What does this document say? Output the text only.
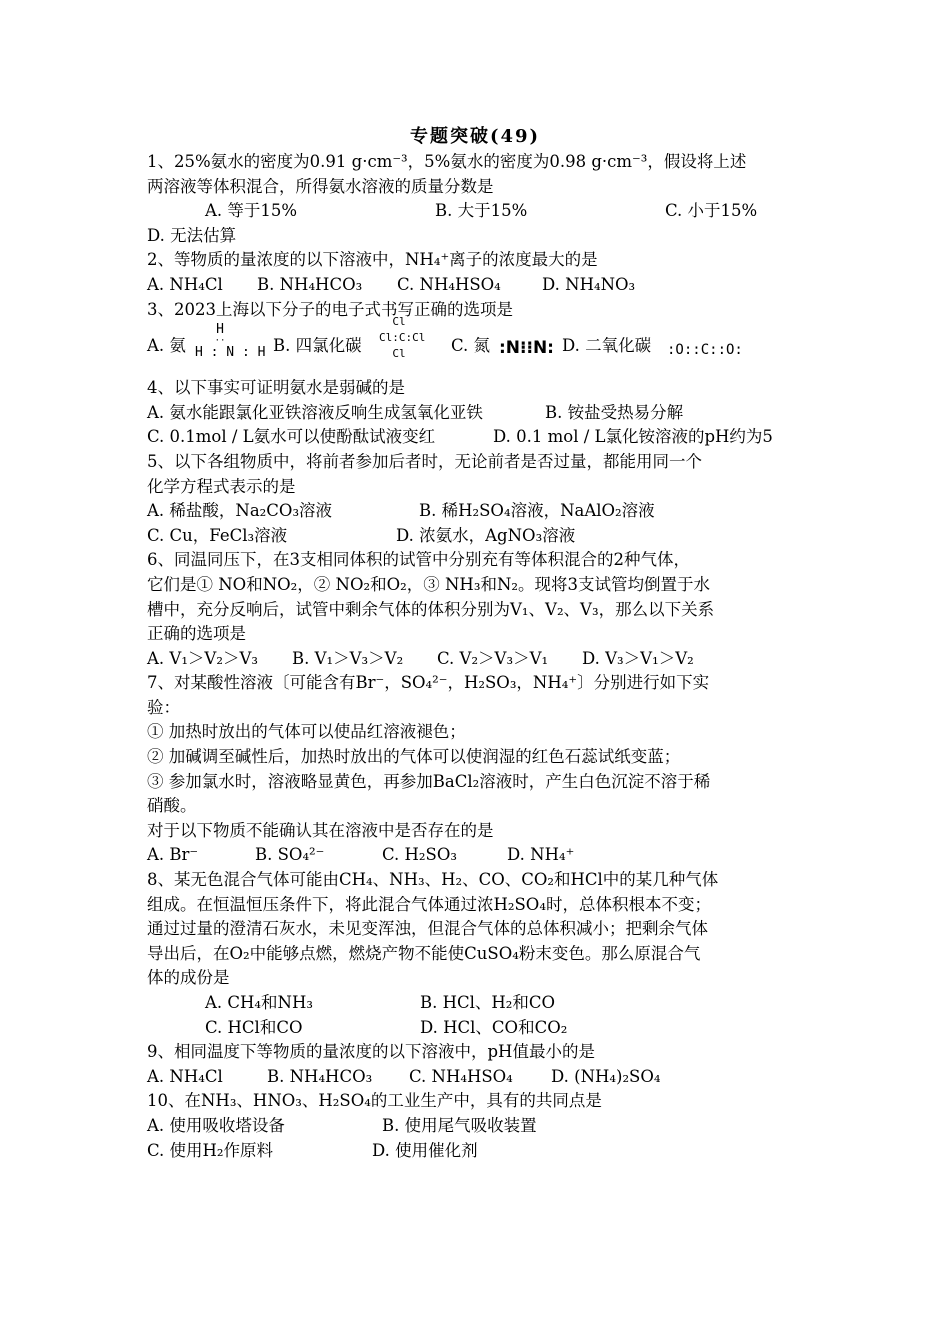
专题突破(49)
1、25%氨水的密度为0.91 g·cm⁻³，5%氨水的密度为0.98 g·cm⁻³，假设将上述
两溶液等体积混合，所得氨水溶液的质量分数是
A. 等于15%	B. 大于15%	C. 小于15%
D. 无法估算
2、等物质的量浓度的以下溶液中，NH₄⁺离子的浓度最大的是
A. NH₄Cl B. NH₄HCO₃ C. NH₄HSO₄ D. NH₄NO₃
3、2023上海以下分子的电子式书写正确的选项是
A. 氨
H
··
H : N : H B. 四氯化碳
Cl
Cl:C:Cl
Cl	C. 氮 :N⁝⁝N: D. 二氧化碳 :O::C::O:
4、以下事实可证明氨水是弱碱的是
A. 氨水能跟氯化亚铁溶液反响生成氢氧化亚铁	B. 铵盐受热易分解
C. 0.1mol / L氨水可以使酚酞试液变红	D. 0.1 mol / L氯化铵溶液的pH约为5
5、以下各组物质中，将前者参加后者时，无论前者是否过量，都能用同一个
化学方程式表示的是
A. 稀盐酸，Na₂CO₃溶液	B. 稀H₂SO₄溶液，NaAlO₂溶液
C. Cu，FeCl₃溶液	D. 浓氨水，AgNO₃溶液
6、同温同压下，在3支相同体积的试管中分别充有等体积混合的2种气体，
它们是① NO和NO₂，② NO₂和O₂，③ NH₃和N₂。现将3支试管均倒置于水
槽中，充分反响后，试管中剩余气体的体积分别为V₁、V₂、V₃，那么以下关系
正确的选项是
A. V₁＞V₂＞V₃ B. V₁＞V₃＞V₂ C. V₂＞V₃＞V₁ D. V₃＞V₁＞V₂
7、对某酸性溶液〔可能含有Br⁻，SO₄²⁻，H₂SO₃，NH₄⁺〕分别进行如下实
验：
① 加热时放出的气体可以使品红溶液褪色；
② 加碱调至碱性后，加热时放出的气体可以使润湿的红色石蕊试纸变蓝；
③ 参加氯水时，溶液略显黄色，再参加BaCl₂溶液时，产生白色沉淀不溶于稀
硝酸。
对于以下物质不能确认其在溶液中是否存在的是
A. Br⁻	B. SO₄²⁻	C. H₂SO₃	D. NH₄⁺
8、某无色混合气体可能由CH₄、NH₃、H₂、CO、CO₂和HCl中的某几种气体
组成。在恒温恒压条件下，将此混合气体通过浓H₂SO₄时，总体积根本不变；
通过过量的澄清石灰水，未见变浑浊，但混合气体的总体积减小；把剩余气体
导出后，在O₂中能够点燃，燃烧产物不能使CuSO₄粉末变色。那么原混合气
体的成份是
A. CH₄和NH₃	B. HCl、H₂和CO
C. HCl和CO	D. HCl、CO和CO₂
9、相同温度下等物质的量浓度的以下溶液中，pH值最小的是
A. NH₄Cl	B. NH₄HCO₃ C. NH₄HSO₄ D. (NH₄)₂SO₄
10、在NH₃、HNO₃、H₂SO₄的工业生产中，具有的共同点是
A. 使用吸收塔设备	B. 使用尾气吸收装置
C. 使用H₂作原料	D. 使用催化剂
